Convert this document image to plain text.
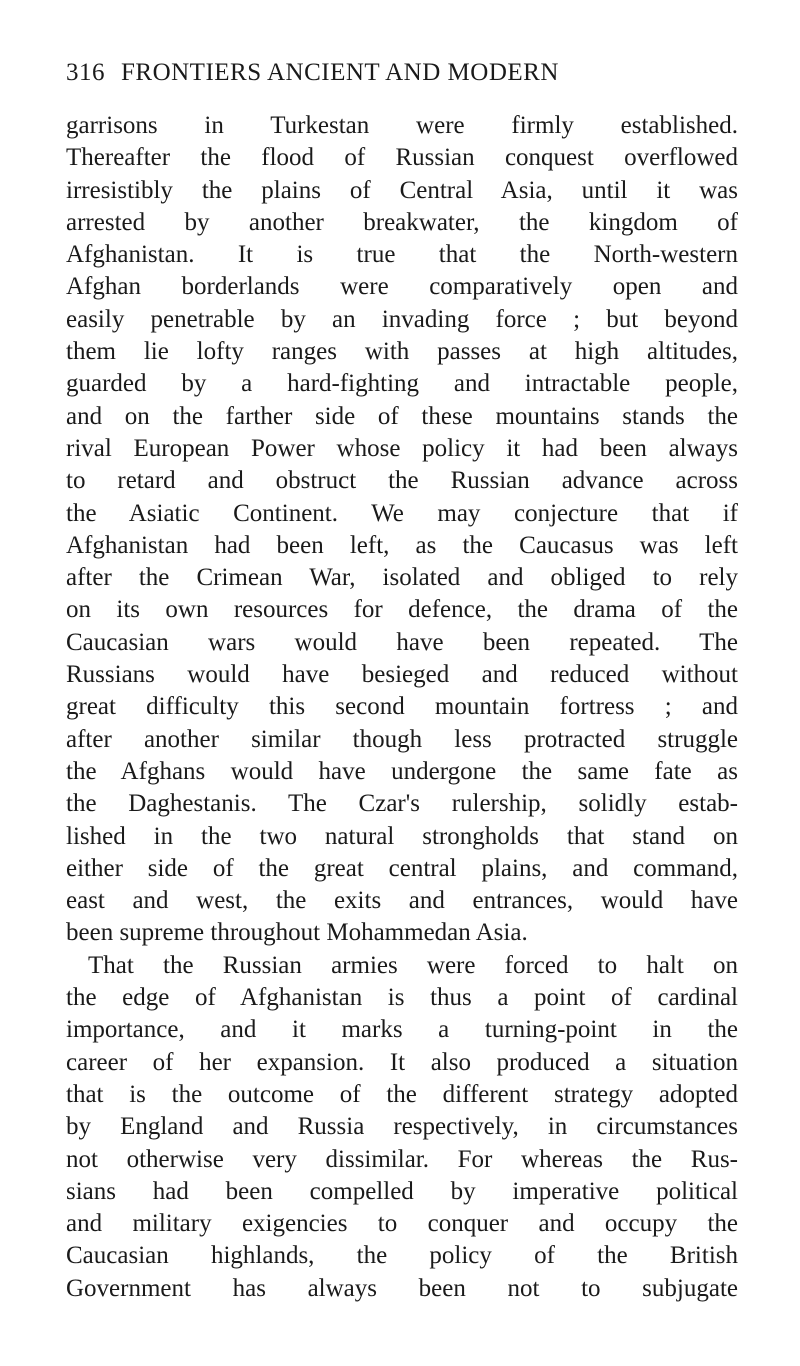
316 FRONTIERS ANCIENT AND MODERN
garrisons in Turkestan were firmly established.
Thereafter the flood of Russian conquest overflowed
irresistibly the plains of Central Asia, until it was
arrested by another breakwater, the kingdom of
Afghanistan. It is true that the North-western
Afghan borderlands were comparatively open and
easily penetrable by an invading force ; but beyond
them lie lofty ranges with passes at high altitudes,
guarded by a hard-fighting and intractable people,
and on the farther side of these mountains stands the
rival European Power whose policy it had been always
to retard and obstruct the Russian advance across
the Asiatic Continent. We may conjecture that if
Afghanistan had been left, as the Caucasus was left
after the Crimean War, isolated and obliged to rely
on its own resources for defence, the drama of the
Caucasian wars would have been repeated. The
Russians would have besieged and reduced without
great difficulty this second mountain fortress ; and
after another similar though less protracted struggle
the Afghans would have undergone the same fate as
the Daghestanis. The Czar's rulership, solidly estab-
lished in the two natural strongholds that stand on
either side of the great central plains, and command,
east and west, the exits and entrances, would have
been supreme throughout Mohammedan Asia.
That the Russian armies were forced to halt on
the edge of Afghanistan is thus a point of cardinal
importance, and it marks a turning-point in the
career of her expansion. It also produced a situation
that is the outcome of the different strategy adopted
by England and Russia respectively, in circumstances
not otherwise very dissimilar. For whereas the Rus-
sians had been compelled by imperative political
and military exigencies to conquer and occupy the
Caucasian highlands, the policy of the British
Government has always been not to subjugate
